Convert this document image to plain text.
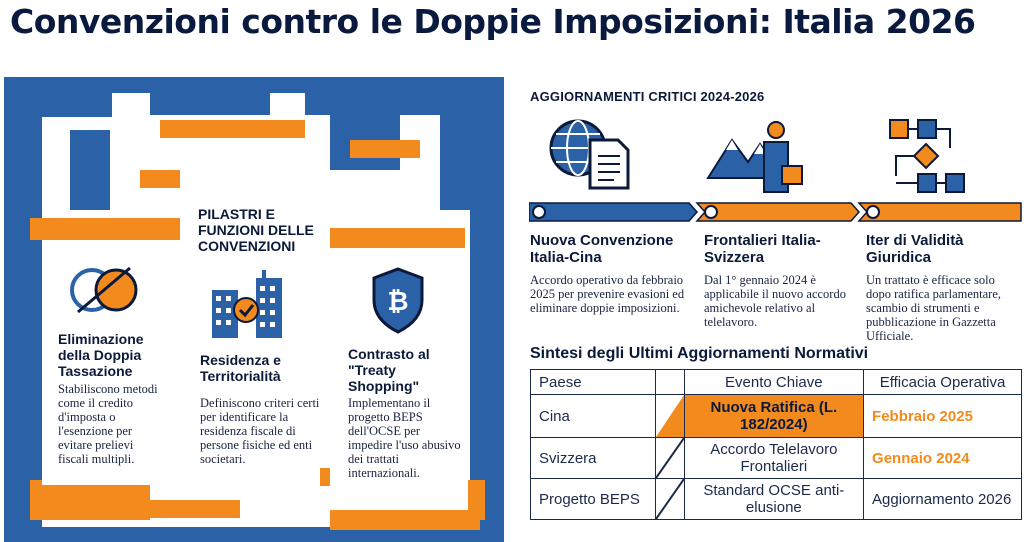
Convenzioni contro le Doppie Imposizioni: Italia 2026
PILASTRI E FUNZIONI DELLE CONVENZIONI
Eliminazione della Doppia Tassazione
Stabiliscono metodi come il credito d'imposta o l'esenzione per evitare prelievi fiscali multipli.
Residenza e Territorialità
Definiscono criteri certi per identificare la residenza fiscale di persone fisiche ed enti societari.
₿
Contrasto al "Treaty Shopping"
Implementano il progetto BEPS dell'OCSE per impedire l'uso abusivo dei trattati internazionali.
AGGIORNAMENTI CRITICI 2024-2026
Nuova Convenzione Italia-Cina
Accordo operativo da febbraio 2025 per prevenire evasioni ed eliminare doppie imposizioni.
Frontalieri Italia-Svizzera
Dal 1° gennaio 2024 è applicabile il nuovo accordo amichevole relativo al telelavoro.
Iter di Validità Giuridica
Un trattato è efficace solo dopo ratifica parlamentare, scambio di strumenti e pubblicazione in Gazzetta Ufficiale.
Sintesi degli Ultimi Aggiornamenti Normativi
Paese		Evento Chiave	Efficacia Operativa
Cina		Nuova Ratifica (L. 182/2024)	Febbraio 2025
Svizzera		Accordo Telelavoro Frontalieri	Gennaio 2024
Progetto BEPS		Standard OCSE anti-elusione	Aggiornamento 2026
